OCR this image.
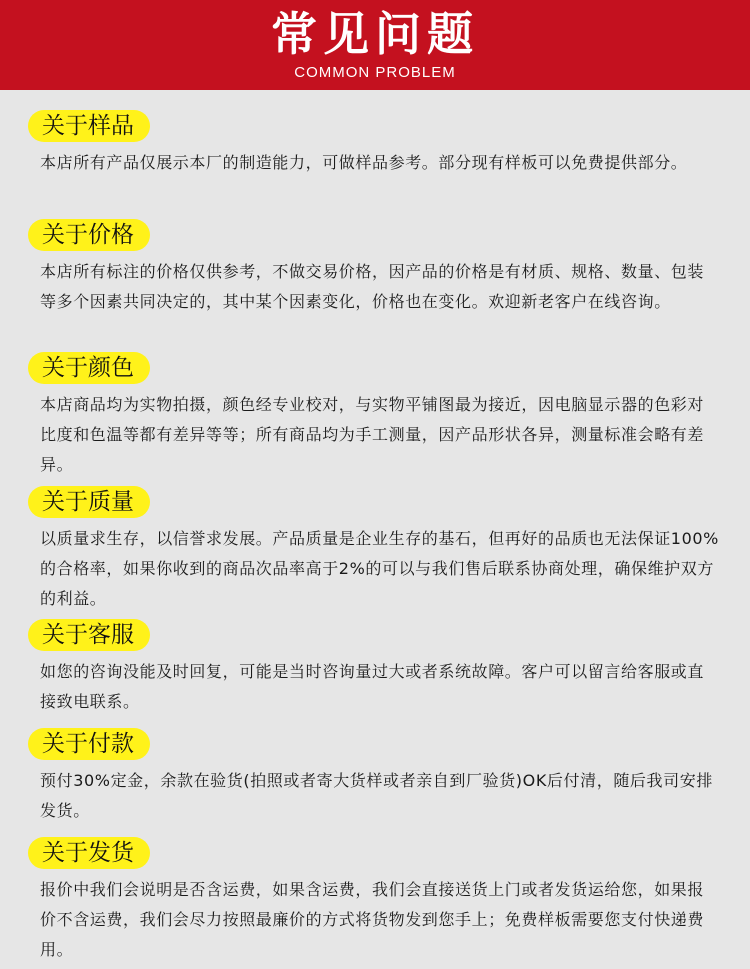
常见问题
COMMON PROBLEM
关于样品
本店所有产品仅展示本厂的制造能力，可做样品参考。部分现有样板可以免费提供部分。
关于价格
本店所有标注的价格仅供参考，不做交易价格，因产品的价格是有材质、规格、数量、包装等多个因素共同决定的，其中某个因素变化，价格也在变化。欢迎新老客户在线咨询。
关于颜色
本店商品均为实物拍摄，颜色经专业校对，与实物平铺图最为接近，因电脑显示器的色彩对比度和色温等都有差异等等；所有商品均为手工测量，因产品形状各异，测量标准会略有差异。
关于质量
以质量求生存，以信誉求发展。产品质量是企业生存的基石，但再好的品质也无法保证100%的合格率，如果你收到的商品次品率高于2%的可以与我们售后联系协商处理，确保维护双方的利益。
关于客服
如您的咨询没能及时回复，可能是当时咨询量过大或者系统故障。客户可以留言给客服或直接致电联系。
关于付款
预付30%定金，余款在验货(拍照或者寄大货样或者亲自到厂验货)OK后付清，随后我司安排发货。
关于发货
报价中我们会说明是否含运费，如果含运费，我们会直接送货上门或者发货运给您，如果报价不含运费，我们会尽力按照最廉价的方式将货物发到您手上；免费样板需要您支付快递费用。
